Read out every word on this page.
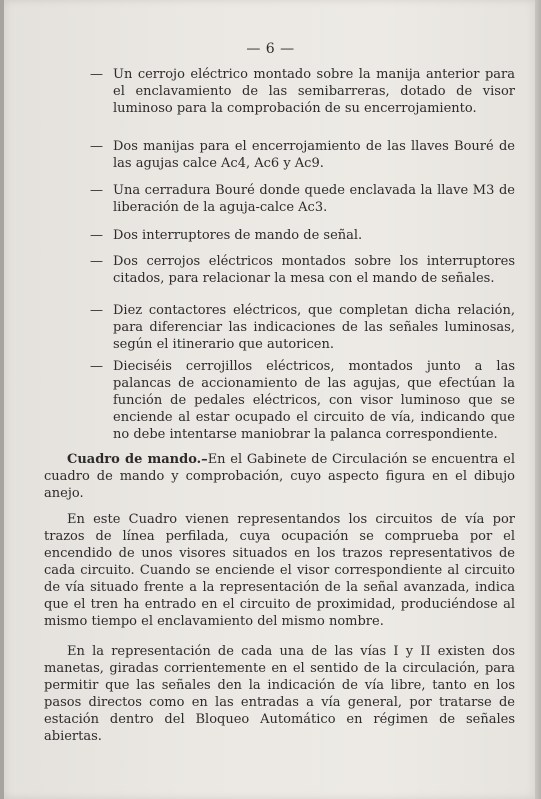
— 6 —
— Un cerrojo eléctrico montado sobre la manija anterior para el enclavamiento de las semibarreras, dotado de visor luminoso para la comprobación de su encerrojamiento.
— Dos manijas para el encerrojamiento de las llaves Bouré de las agujas calce Ac4, Ac6 y Ac9.
— Una cerradura Bouré donde quede enclavada la llave M3 de liberación de la aguja-calce Ac3.
— Dos interruptores de mando de señal.
— Dos cerrojos eléctricos montados sobre los interruptores citados, para relacionar la mesa con el mando de señales.
— Diez contactores eléctricos, que completan dicha relación, para diferenciar las indicaciones de las señales luminosas, según el itinerario que autoricen.
— Dieciséis cerrojillos eléctricos, montados junto a las palancas de accionamiento de las agujas, que efectúan la función de pedales eléctricos, con visor luminoso que se enciende al estar ocupado el circuito de vía, indicando que no debe intentarse maniobrar la palanca correspondiente.
Cuadro de mando.–En el Gabinete de Circulación se encuentra el cuadro de mando y comprobación, cuyo aspecto figura en el dibujo anejo.
En este Cuadro vienen representandos los circuitos de vía por trazos de línea perfilada, cuya ocupación se comprueba por el encendido de unos visores situados en los trazos representativos de cada circuito. Cuando se enciende el visor correspondiente al circuito de vía situado frente a la representación de la señal avanzada, indica que el tren ha entrado en el circuito de proximidad, produciéndose al mismo tiempo el enclavamiento del mismo nombre.
En la representación de cada una de las vías I y II existen dos manetas, giradas corrientemente en el sentido de la circulación, para permitir que las señales den la indicación de vía libre, tanto en los pasos directos como en las entradas a vía general, por tratarse de estación dentro del Bloqueo Automático en régimen de señales abiertas.
